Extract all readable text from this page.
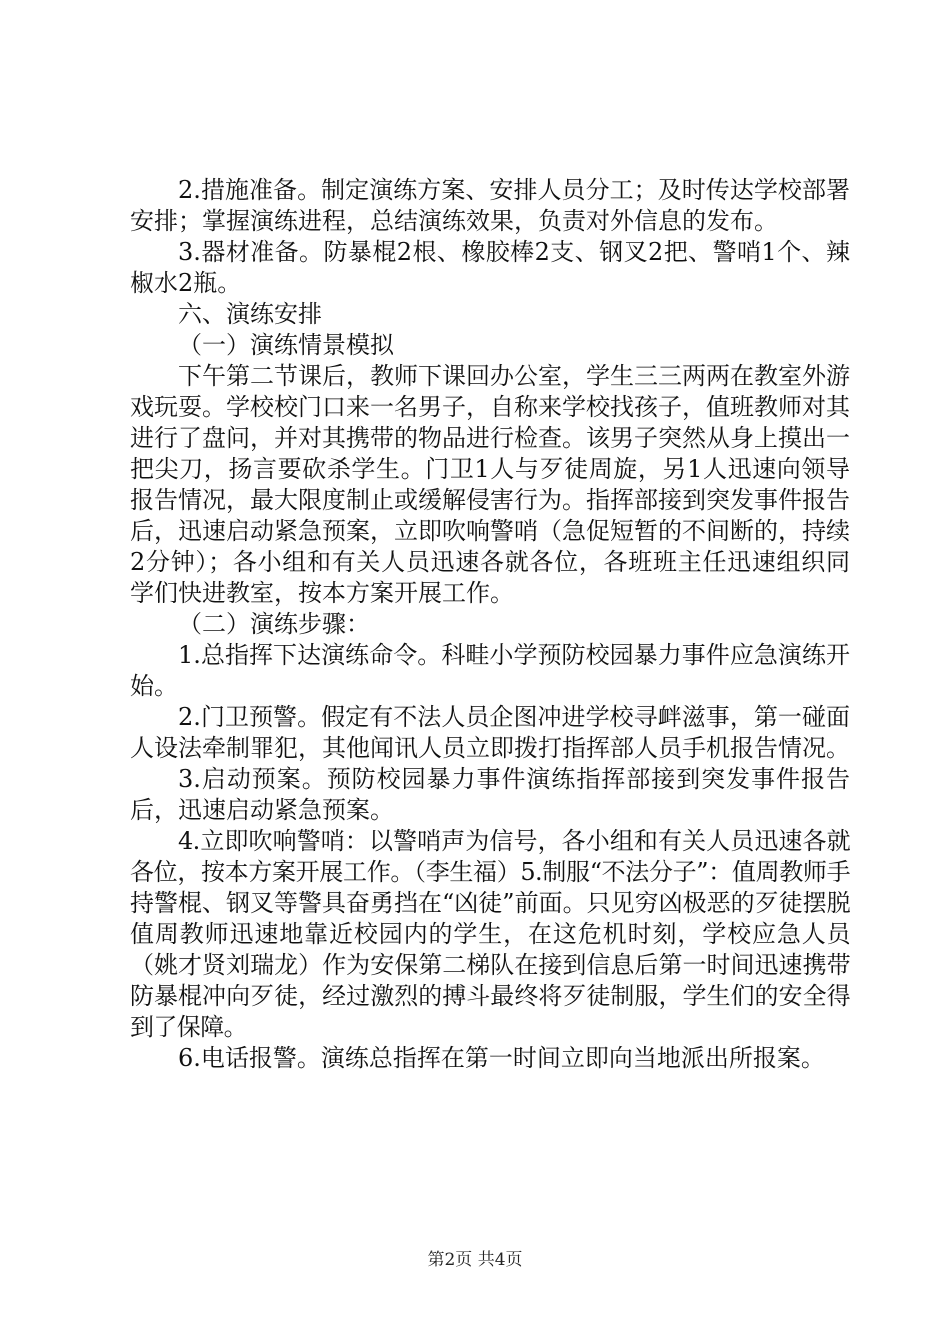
2.措施准备。制定演练方案、安排人员分工；及时传达学校部署安排；掌握演练进程，总结演练效果，负责对外信息的发布。

3.器材准备。防暴棍2根、橡胶棒2支、钢叉2把、警哨1个、辣椒水2瓶。

六、演练安排

（一）演练情景模拟

下午第二节课后，教师下课回办公室，学生三三两两在教室外游戏玩耍。学校校门口来一名男子，自称来学校找孩子，值班教师对其进行了盘问，并对其携带的物品进行检查。该男子突然从身上摸出一把尖刀，扬言要砍杀学生。门卫1人与歹徒周旋，另1人迅速向领导报告情况，最大限度制止或缓解侵害行为。指挥部接到突发事件报告后，迅速启动紧急预案，立即吹响警哨（急促短暂的不间断的，持续2分钟）；各小组和有关人员迅速各就各位，各班班主任迅速组织同学们快进教室，按本方案开展工作。

（二）演练步骤：

1.总指挥下达演练命令。科畦小学预防校园暴力事件应急演练开始。

2.门卫预警。假定有不法人员企图冲进学校寻衅滋事，第一碰面人设法牵制罪犯，其他闻讯人员立即拨打指挥部人员手机报告情况。

3.启动预案。预防校园暴力事件演练指挥部接到突发事件报告后，迅速启动紧急预案。

4.立即吹响警哨：以警哨声为信号，各小组和有关人员迅速各就各位，按本方案开展工作。（李生福）5.制服“不法分子”：值周教师手持警棍、钢叉等警具奋勇挡在“凶徒”前面。只见穷凶极恶的歹徒摆脱值周教师迅速地靠近校园内的学生，在这危机时刻，学校应急人员（姚才贤刘瑞龙）作为安保第二梯队在接到信息后第一时间迅速携带防暴棍冲向歹徒，经过激烈的搏斗最终将歹徒制服，学生们的安全得到了保障。

6.电话报警。演练总指挥在第一时间立即向当地派出所报案。

第2页 共4页
